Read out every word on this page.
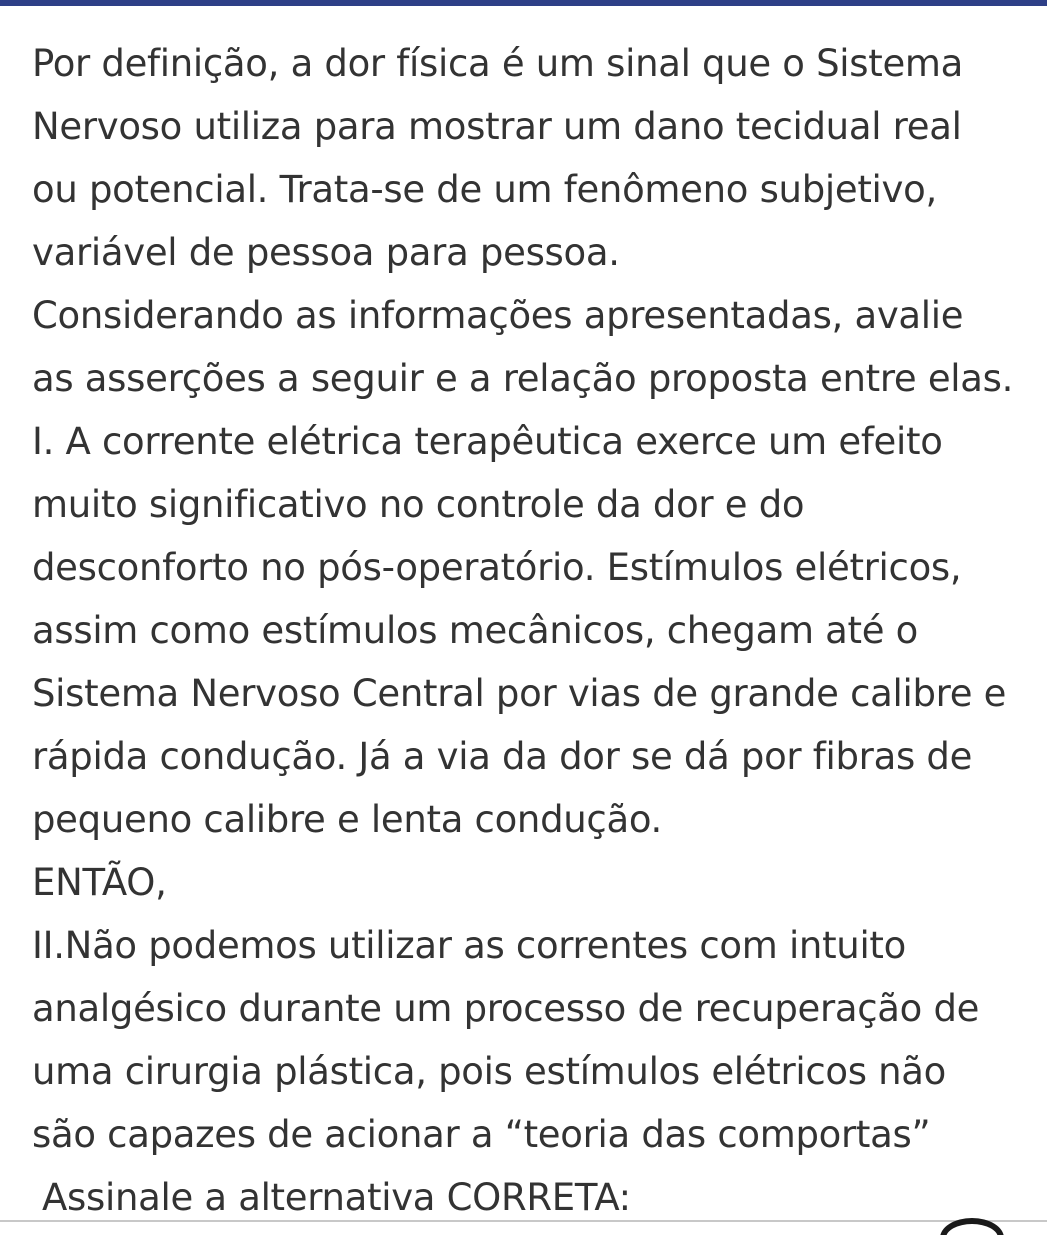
Por definição, a dor física é um sinal que o Sistema
Nervoso utiliza para mostrar um dano tecidual real
ou potencial. Trata-se de um fenômeno subjetivo,
variável de pessoa para pessoa.
Considerando as informações apresentadas, avalie
as asserções a seguir e a relação proposta entre elas.
I. A corrente elétrica terapêutica exerce um efeito
muito significativo no controle da dor e do
desconforto no pós-operatório. Estímulos elétricos,
assim como estímulos mecânicos, chegam até o
Sistema Nervoso Central por vias de grande calibre e
rápida condução. Já a via da dor se dá por fibras de
pequeno calibre e lenta condução.
ENTÃO,
II.Não podemos utilizar as correntes com intuito
analgésico durante um processo de recuperação de
uma cirurgia plástica, pois estímulos elétricos não
são capazes de acionar a “teoria das comportas”
Assinale a alternativa CORRETA:
